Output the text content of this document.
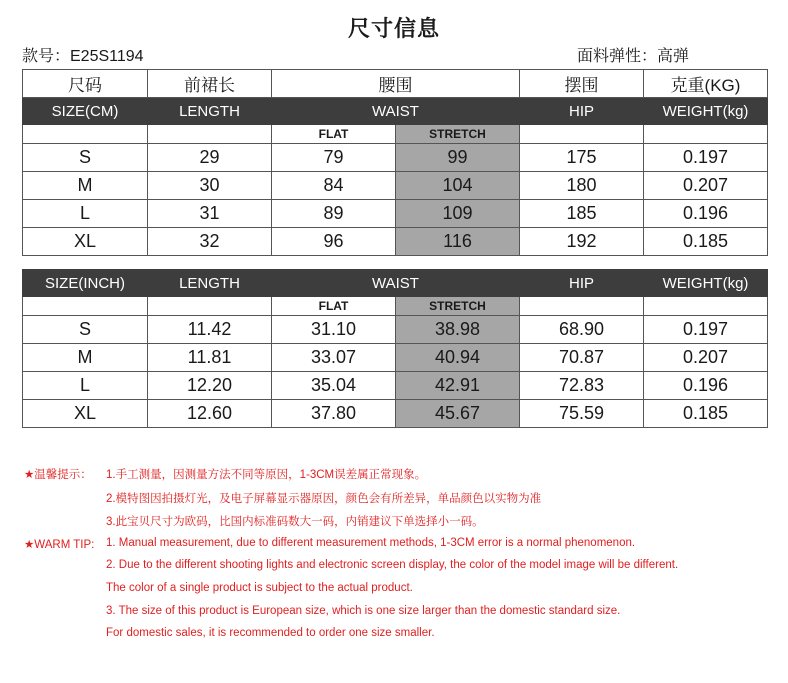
尺寸信息
款号：E25S1194	面料弹性：高弹
尺码	前裙长	腰围		摆围	克重(KG)
SIZE(CM)	LENGTH	WAIST		HIP	WEIGHT(kg)
		FLAT	STRETCH		
S	29	79	99	175	0.197
M	30	84	104	180	0.207
L	31	89	109	185	0.196
XL	32	96	116	192	0.185
SIZE(INCH)	LENGTH	WAIST		HIP	WEIGHT(kg)
		FLAT	STRETCH		
S	11.42	31.10	38.98	68.90	0.197
M	11.81	33.07	40.94	70.87	0.207
L	12.20	35.04	42.91	72.83	0.196
XL	12.60	37.80	45.67	75.59	0.185
★温馨提示： 1.手工测量，因测量方法不同等原因，1-3CM误差属正常现象。
2.模特图因拍摄灯光，及电子屏幕显示器原因，颜色会有所差异，单品颜色以实物为准
3.此宝贝尺寸为欧码，比国内标准码数大一码，内销建议下单选择小一码。
★WARM TIP: 1. Manual measurement, due to different measurement methods, 1-3CM error is a normal phenomenon.
2. Due to the different shooting lights and electronic screen display, the color of the model image will be different.
The color of a single product is subject to the actual product.
3. The size of this product is European size, which is one size larger than the domestic standard size.
For domestic sales, it is recommended to order one size smaller.
